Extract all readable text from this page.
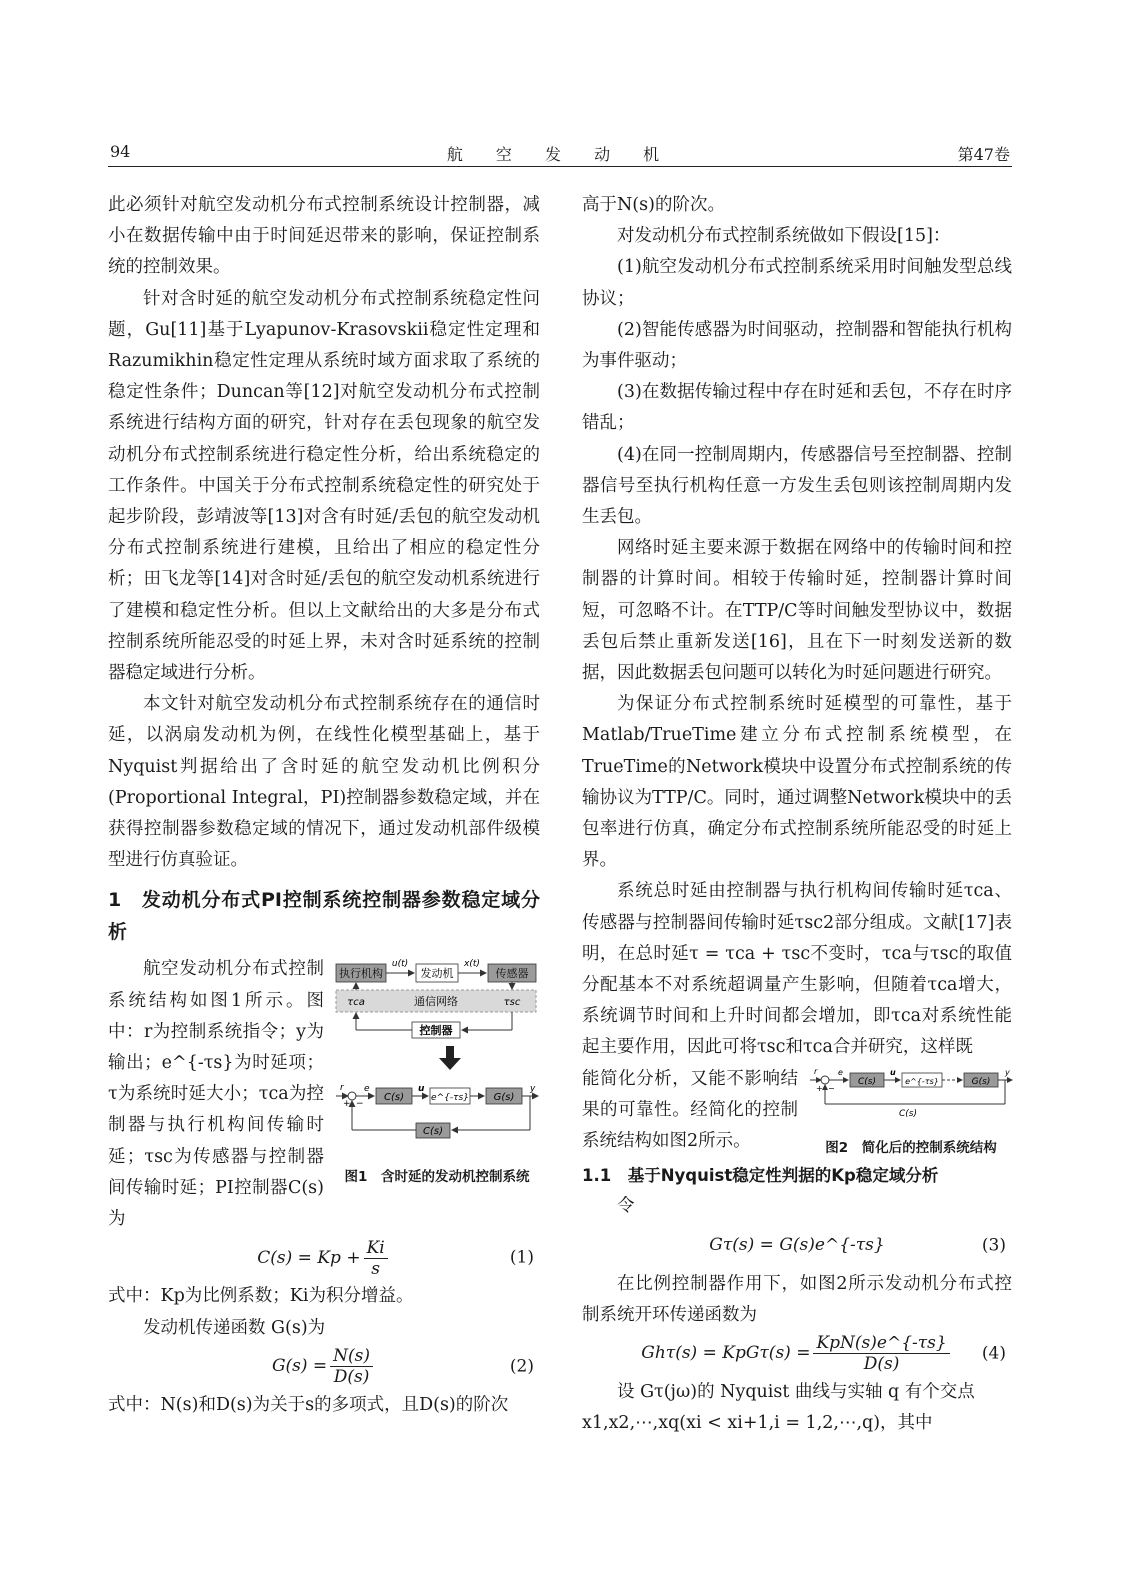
94	航 空 发 动 机	第47卷

此必须针对航空发动机分布式控制系统设计控制器，减小在数据传输中由于时间延迟带来的影响，保证控制系统的控制效果。

针对含时延的航空发动机分布式控制系统稳定性问题，Gu[11]基于Lyapunov-Krasovskii稳定性定理和Razumikhin稳定性定理从系统时域方面求取了系统的稳定性条件；Duncan等[12]对航空发动机分布式控制系统进行结构方面的研究，针对存在丢包现象的航空发动机分布式控制系统进行稳定性分析，给出系统稳定的工作条件。中国关于分布式控制系统稳定性的研究处于起步阶段，彭靖波等[13]对含有时延/丢包的航空发动机分布式控制系统进行建模，且给出了相应的稳定性分析；田飞龙等[14]对含时延/丢包的航空发动机系统进行了建模和稳定性分析。但以上文献给出的大多是分布式控制系统所能忍受的时延上界，未对含时延系统的控制器稳定域进行分析。

本文针对航空发动机分布式控制系统存在的通信时延，以涡扇发动机为例，在线性化模型基础上，基于Nyquist判据给出了含时延的航空发动机比例积分(Proportional Integral，PI)控制器参数稳定域，并在获得控制器参数稳定域的情况下，通过发动机部件级模型进行仿真验证。

1　发动机分布式PI控制系统控制器参数稳定域分析

航空发动机分布式控制系统结构如图1所示。图中：r为控制系统指令；y为输出；e^{-τs}为时延项；τ为系统时延大小；τca为控制器与执行机构间传输时延；τsc为传感器与控制器间传输时延；PI控制器C(s)为

执行机构
u(t)
发动机
x(t)
传感器
通信网络
τca	τsc
控制器
r
+ −
e
C(s)
u
e^{-τs} G(s)
y
C(s)
图1　含时延的发动机控制系统
$C(s) = Kp + \frac{Ki}{s}$	(1)

式中：Kp为比例系数；Ki为积分增益。

发动机传递函数 G(s)为

$G(s) = \frac{N(s)}{D(s)}$	(2)

式中：N(s)和D(s)为关于s的多项式，且D(s)的阶次

高于N(s)的阶次。

对发动机分布式控制系统做如下假设[15]：

(1)航空发动机分布式控制系统采用时间触发型总线协议；

(2)智能传感器为时间驱动，控制器和智能执行机构为事件驱动；

(3)在数据传输过程中存在时延和丢包，不存在时序错乱；

(4)在同一控制周期内，传感器信号至控制器、控制器信号至执行机构任意一方发生丢包则该控制周期内发生丢包。

网络时延主要来源于数据在网络中的传输时间和控制器的计算时间。相较于传输时延，控制器计算时间短，可忽略不计。在TTP/C等时间触发型协议中，数据丢包后禁止重新发送[16]，且在下一时刻发送新的数据，因此数据丢包问题可以转化为时延问题进行研究。

为保证分布式控制系统时延模型的可靠性，基于Matlab/TrueTime建立分布式控制系统模型，在TrueTime的Network模块中设置分布式控制系统的传输协议为TTP/C。同时，通过调整Network模块中的丢包率进行仿真，确定分布式控制系统所能忍受的时延上界。

系统总时延由控制器与执行机构间传输时延τca、传感器与控制器间传输时延τsc2部分组成。文献[17]表明，在总时延τ = τca + τsc不变时，τca与τsc的取值分配基本不对系统超调量产生影响，但随着τca增大，系统调节时间和上升时间都会增加，即τca对系统性能起主要作用，因此可将τsc和τca合并研究，这样既

能简化分析，又能不影响结果的可靠性。经简化的控制系统结构如图2所示。

r
+ −
e
C(s)
u
e^{-τs}	G(s)
y
C(s)
图2　简化后的控制系统结构
1.1　基于Nyquist稳定性判据的Kp稳定域分析

令

Gτ(s) = G(s)e^{-τs}	(3)

在比例控制器作用下，如图2所示发动机分布式控制系统开环传递函数为

$Gh\tau(s) = KpG\tau(s) = \frac{\text{KpN(s)e\textasciicircum{}\{-τs\}}}{D(s)} (4)$

设 Gτ(jω)的 Nyquist 曲线与实轴 q 有个交点

x1,x2,⋯,xq(xi < xi+1,i = 1,2,⋯,q)，其中
